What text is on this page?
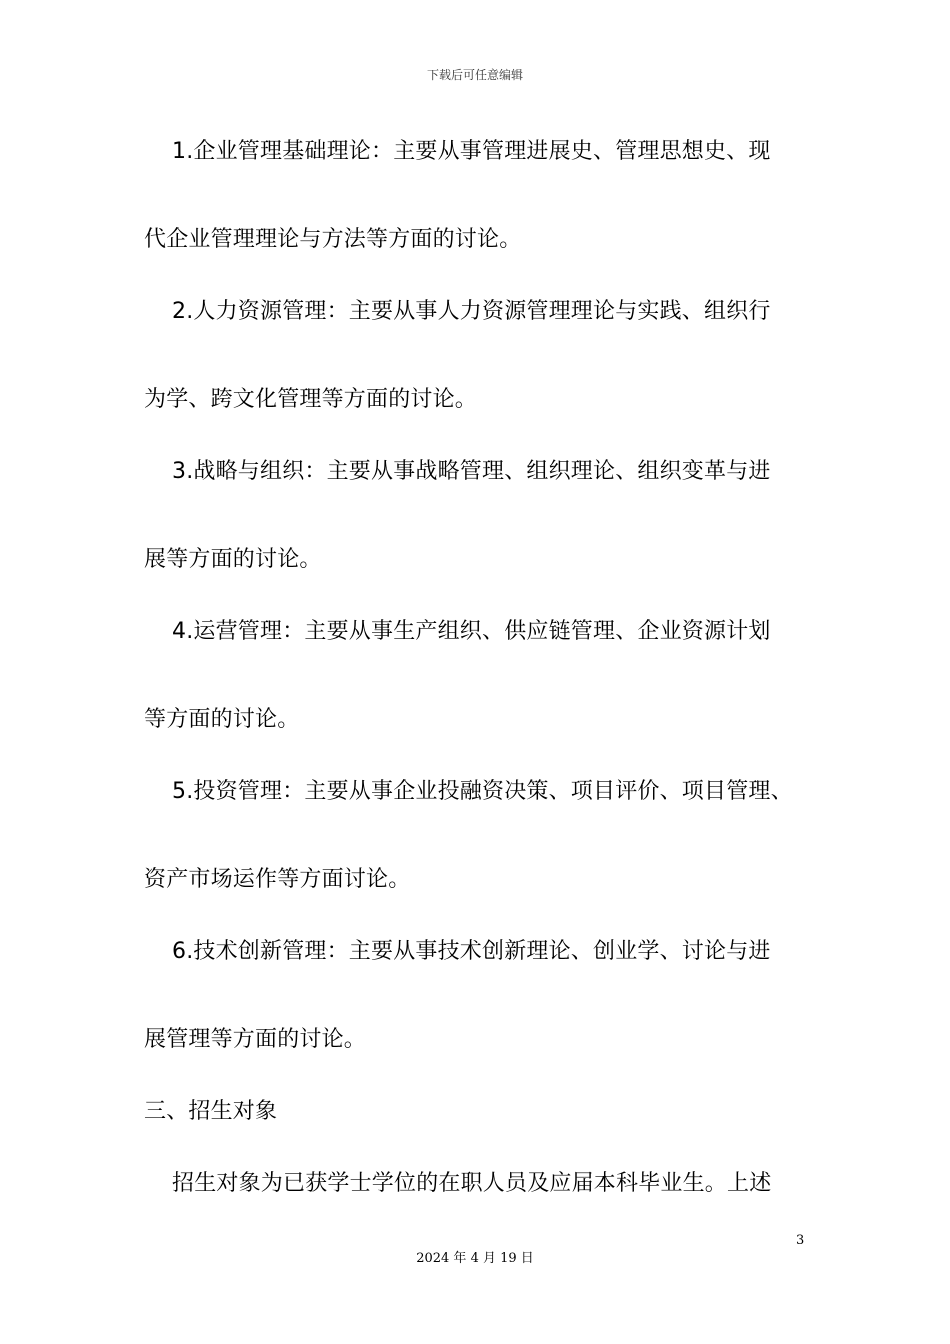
下载后可任意编辑
1.企业管理基础理论：主要从事管理进展史、管理思想史、现
代企业管理理论与方法等方面的讨论。
2.人力资源管理：主要从事人力资源管理理论与实践、组织行
为学、跨文化管理等方面的讨论。
3.战略与组织：主要从事战略管理、组织理论、组织变革与进
展等方面的讨论。
4.运营管理：主要从事生产组织、供应链管理、企业资源计划
等方面的讨论。
5.投资管理：主要从事企业投融资决策、项目评价、项目管理、
资产市场运作等方面讨论。
6.技术创新管理：主要从事技术创新理论、创业学、讨论与进
展管理等方面的讨论。
三、招生对象
招生对象为已获学士学位的在职人员及应届本科毕业生。上述
3
2024 年 4 月 19 日
